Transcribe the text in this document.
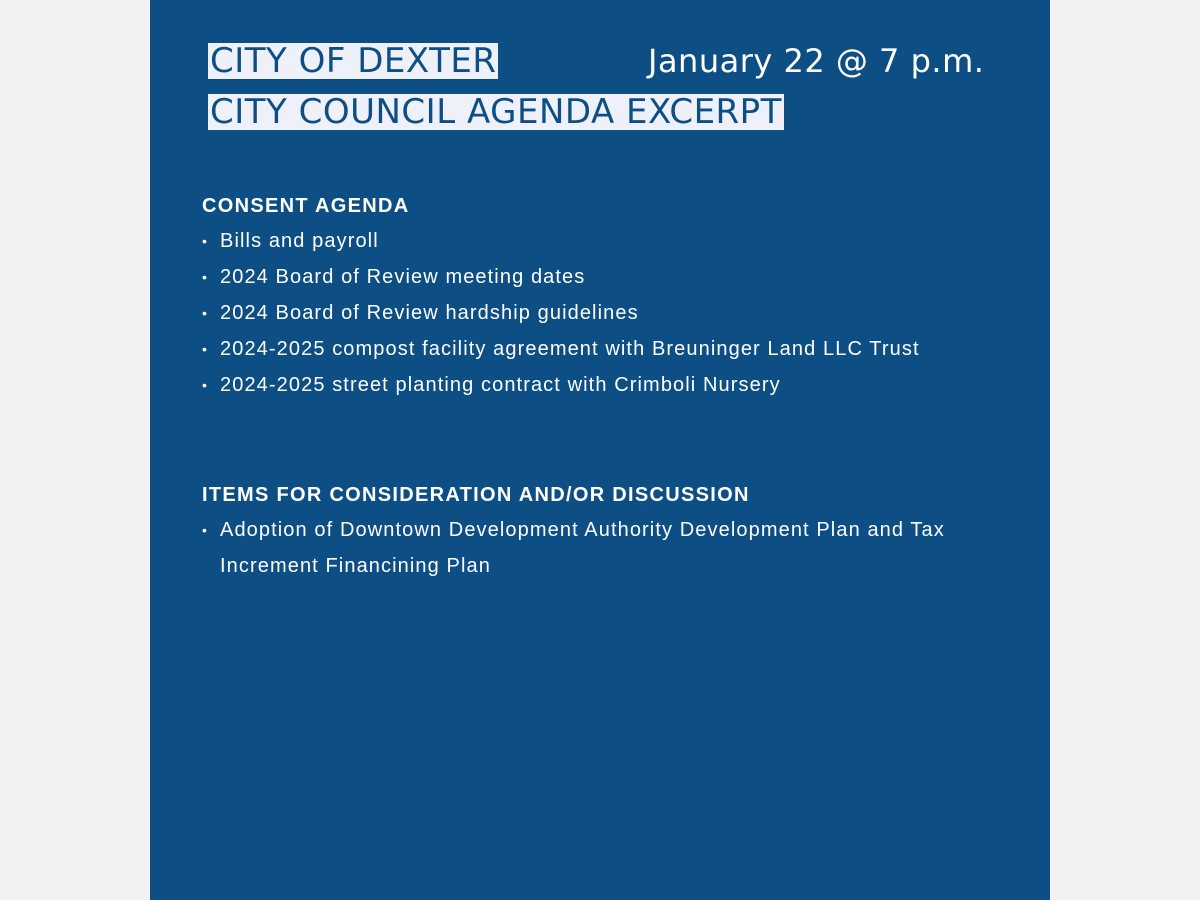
CITY OF DEXTER
CITY COUNCIL AGENDA EXCERPT
January 22 @ 7 p.m.
CONSENT AGENDA
• Bills and payroll
• 2024 Board of Review meeting dates
• 2024 Board of Review hardship guidelines
• 2024-2025 compost facility agreement with Breuninger Land LLC Trust
• 2024-2025 street planting contract with Crimboli Nursery
ITEMS FOR CONSIDERATION AND/OR DISCUSSION
• Adoption of Downtown Development Authority Development Plan and Tax Increment Financining Plan
